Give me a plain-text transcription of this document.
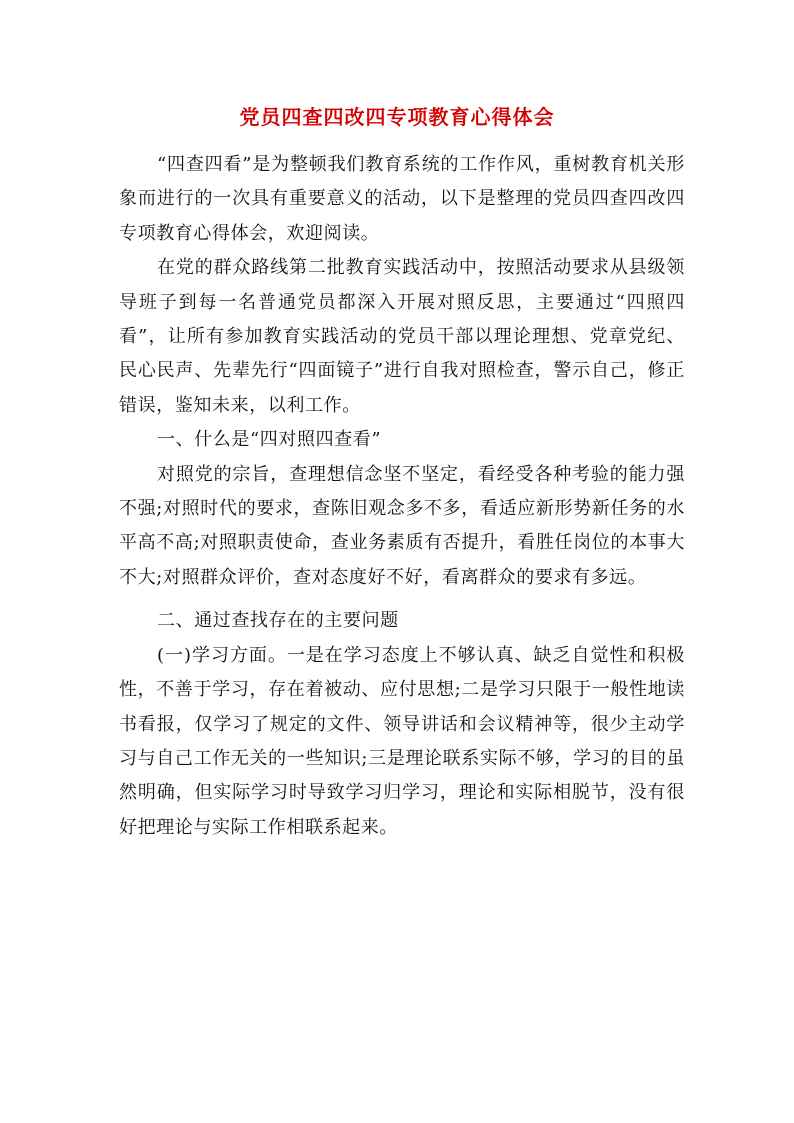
党员四查四改四专项教育心得体会

“四查四看”是为整顿我们教育系统的工作作风，重树教育机关形象而进行的一次具有重要意义的活动，以下是整理的党员四查四改四专项教育心得体会，欢迎阅读。

在党的群众路线第二批教育实践活动中，按照活动要求从县级领导班子到每一名普通党员都深入开展对照反思，主要通过“四照四看”，让所有参加教育实践活动的党员干部以理论理想、党章党纪、民心民声、先辈先行“四面镜子”进行自我对照检查，警示自己，修正错误，鉴知未来，以利工作。

一、什么是“四对照四查看”

对照党的宗旨，查理想信念坚不坚定，看经受各种考验的能力强不强;对照时代的要求，查陈旧观念多不多，看适应新形势新任务的水平高不高;对照职责使命，查业务素质有否提升，看胜任岗位的本事大不大;对照群众评价，查对态度好不好，看离群众的要求有多远。

二、通过查找存在的主要问题

(一)学习方面。一是在学习态度上不够认真、缺乏自觉性和积极性，不善于学习，存在着被动、应付思想;二是学习只限于一般性地读书看报，仅学习了规定的文件、领导讲话和会议精神等，很少主动学习与自己工作无关的一些知识;三是理论联系实际不够，学习的目的虽然明确，但实际学习时导致学习归学习，理论和实际相脱节，没有很好把理论与实际工作相联系起来。
